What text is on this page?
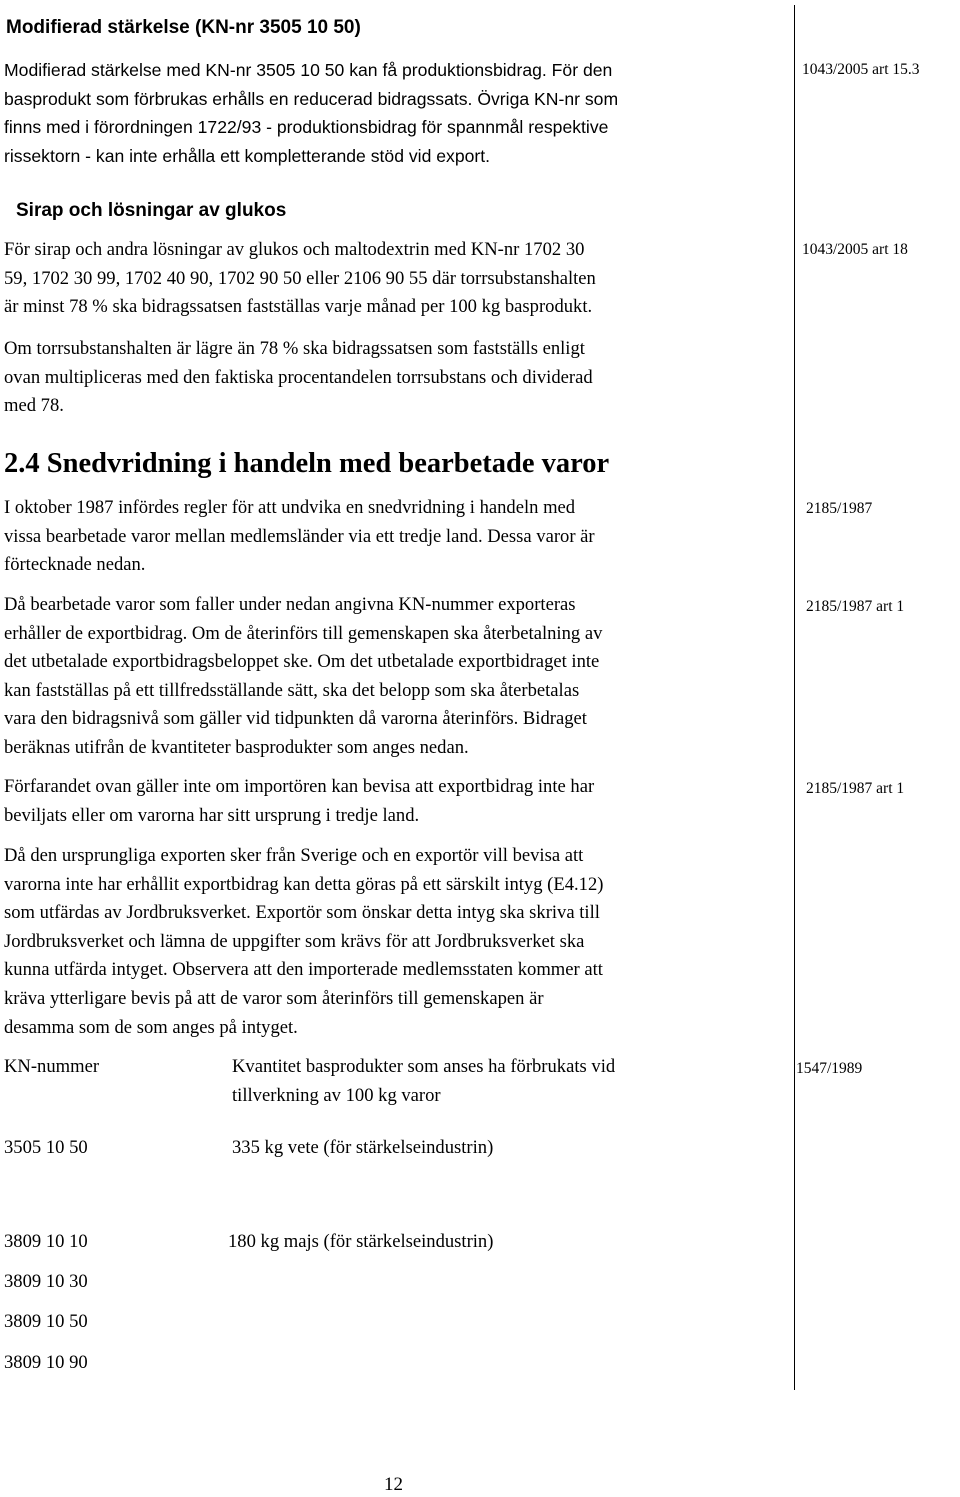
Modifierad stärkelse (KN-nr 3505 10 50)
Modifierad stärkelse med KN-nr 3505 10 50 kan få produktionsbidrag. För den
basprodukt som förbrukas erhålls en reducerad bidragssats. Övriga KN-nr som
finns med i förordningen 1722/93 - produktionsbidrag för spannmål respektive
rissektorn - kan inte erhålla ett kompletterande stöd vid export.
1043/2005 art 15.3
Sirap och lösningar av glukos
För sirap och andra lösningar av glukos och maltodextrin med KN-nr 1702 30
59, 1702 30 99, 1702 40 90, 1702 90 50 eller 2106 90 55 där torrsubstanshalten
är minst 78 % ska bidragssatsen fastställas varje månad per 100 kg basprodukt.
1043/2005 art 18
Om torrsubstanshalten är lägre än 78 % ska bidragssatsen som fastställs enligt
ovan multipliceras med den faktiska procentandelen torrsubstans och dividerad
med 78.
2.4 Snedvridning i handeln med bearbetade varor
I oktober 1987 infördes regler för att undvika en snedvridning i handeln med
vissa bearbetade varor mellan medlemsländer via ett tredje land. Dessa varor är
förtecknade nedan.
2185/1987
Då bearbetade varor som faller under nedan angivna KN-nummer exporteras
erhåller de exportbidrag. Om de återinförs till gemenskapen ska återbetalning av
det utbetalade exportbidragsbeloppet ske. Om det utbetalade exportbidraget inte
kan fastställas på ett tillfredsställande sätt, ska det belopp som ska återbetalas
vara den bidragsnivå som gäller vid tidpunkten då varorna återinförs. Bidraget
beräknas utifrån de kvantiteter basprodukter som anges nedan.
2185/1987 art 1
Förfarandet ovan gäller inte om importören kan bevisa att exportbidrag inte har
beviljats eller om varorna har sitt ursprung i tredje land.
2185/1987 art 1
Då den ursprungliga exporten sker från Sverige och en exportör vill bevisa att
varorna inte har erhållit exportbidrag kan detta göras på ett särskilt intyg (E4.12)
som utfärdas av Jordbruksverket. Exportör som önskar detta intyg ska skriva till
Jordbruksverket och lämna de uppgifter som krävs för att Jordbruksverket ska
kunna utfärda intyget. Observera att den importerade medlemsstaten kommer att
kräva ytterligare bevis på att de varor som återinförs till gemenskapen är
desamma som de som anges på intyget.
KN-nummer	Kvantitet basprodukter som anses ha förbrukats vid
tillverkning av 100 kg varor
1547/1989
3505 10 50	335 kg vete (för stärkelseindustrin)
3809 10 10	180 kg majs (för stärkelseindustrin)
3809 10 30
3809 10 50
3809 10 90
12
